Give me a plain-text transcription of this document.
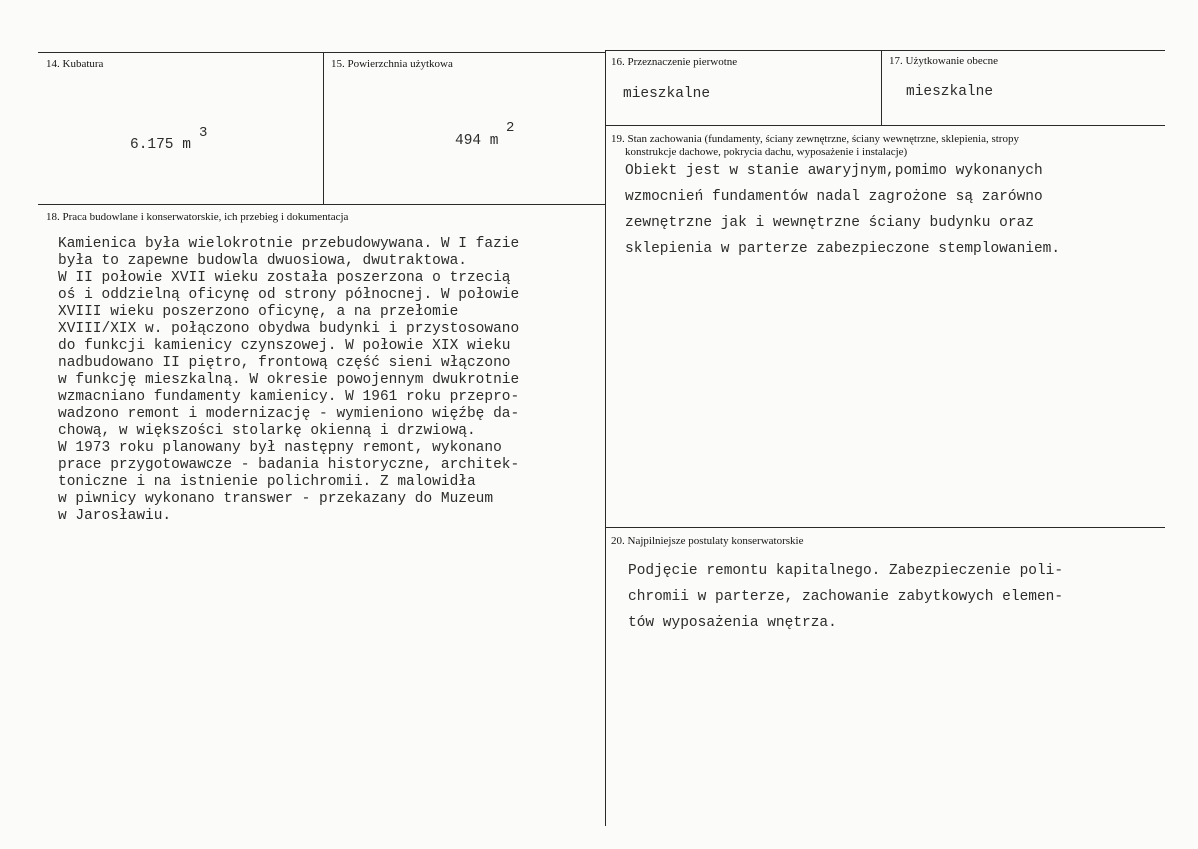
14. Kubatura
6.175 m
3
15. Powierzchnia użytkowa
494 m
2
16. Przeznaczenie pierwotne
mieszkalne
17. Użytkowanie obecne
mieszkalne
18. Praca budowlane i konserwatorskie, ich przebieg i dokumentacja
Kamienica była wielokrotnie przebudowywana. W I fazie
była to zapewne budowla dwuosiowa, dwutraktowa.
W II połowie XVII wieku została poszerzona o trzecią
oś i oddzielną oficynę od strony północnej. W połowie
XVIII wieku poszerzono oficynę, a na przełomie
XVIII/XIX w. połączono obydwa budynki i przystosowano
do funkcji kamienicy czynszowej. W połowie XIX wieku
nadbudowano II piętro, frontową część sieni włączono
w funkcję mieszkalną. W okresie powojennym dwukrotnie
wzmacniano fundamenty kamienicy. W 1961 roku przepro-
wadzono remont i modernizację - wymieniono więźbę da-
chową, w większości stolarkę okienną i drzwiową.
W 1973 roku planowany był następny remont, wykonano
prace przygotowawcze - badania historyczne, architek-
toniczne i na istnienie polichromii. Z malowidła
w piwnicy wykonano transwer - przekazany do Muzeum
w Jarosławiu.
19. Stan zachowania (fundamenty, ściany zewnętrzne, ściany wewnętrzne, sklepienia, stropy
konstrukcje dachowe, pokrycia dachu, wyposażenie i instalacje)
Obiekt jest w stanie awaryjnym,pomimo wykonanych
wzmocnień fundamentów nadal zagrożone są zarówno
zewnętrzne jak i wewnętrzne ściany budynku oraz
sklepienia w parterze zabezpieczone stemplowaniem.
20. Najpilniejsze postulaty konserwatorskie
Podjęcie remontu kapitalnego. Zabezpieczenie poli-
chromii w parterze, zachowanie zabytkowych elemen-
tów wyposażenia wnętrza.
